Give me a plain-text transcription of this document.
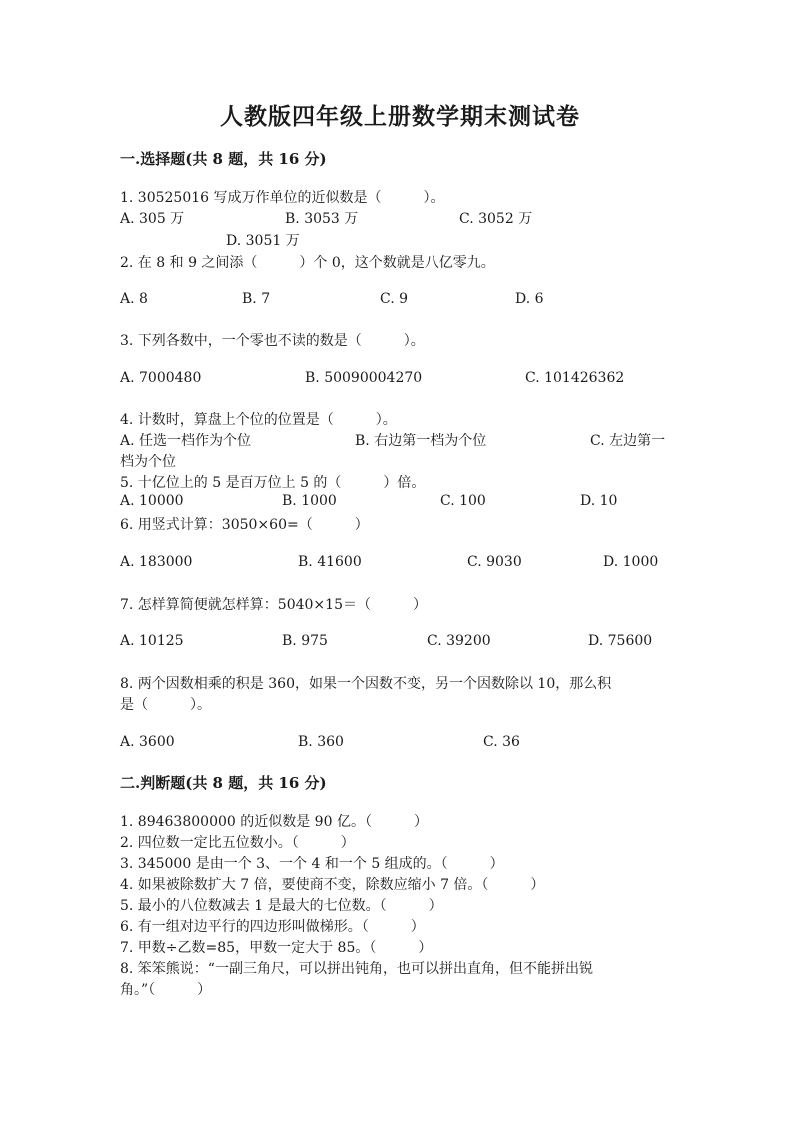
人教版四年级上册数学期末测试卷
一.选择题(共 8 题，共 16 分)
1. 30525016 写成万作单位的近似数是（　　　）。
A. 305 万	B. 3053 万	C. 3052 万
D. 3051 万
2. 在 8 和 9 之间添（　　　）个 0，这个数就是八亿零九。
A. 8	B. 7	C. 9	D. 6
3. 下列各数中，一个零也不读的数是（　　　）。
A. 7000480	B. 50090004270	C. 101426362
4. 计数时，算盘上个位的位置是（　　　）。
A. 任选一档作为个位	B. 右边第一档为个位	C. 左边第一
档为个位
5. 十亿位上的 5 是百万位上 5 的（　　　）倍。
A. 10000	B. 1000	C. 100	D. 10
6. 用竖式计算：3050×60=（　　　）
A. 183000	B. 41600	C. 9030	D. 1000
7. 怎样算简便就怎样算：5040×15＝（　　　）
A. 10125	B. 975	C. 39200	D. 75600
8. 两个因数相乘的积是 360，如果一个因数不变，另一个因数除以 10，那么积
是（　　　）。
A. 3600	B. 360	C. 36
二.判断题(共 8 题，共 16 分)
1. 89463800000 的近似数是 90 亿。（　　　）
2. 四位数一定比五位数小。（　　　）
3. 345000 是由一个 3、一个 4 和一个 5 组成的。（　　　）
4. 如果被除数扩大 7 倍，要使商不变，除数应缩小 7 倍。（　　　）
5. 最小的八位数减去 1 是最大的七位数。（　　　）
6. 有一组对边平行的四边形叫做梯形。（　　　）
7. 甲数÷乙数=85，甲数一定大于 85。（　　　）
8. 笨笨熊说：“一副三角尺，可以拼出钝角，也可以拼出直角，但不能拼出锐
角。”（　　　）
